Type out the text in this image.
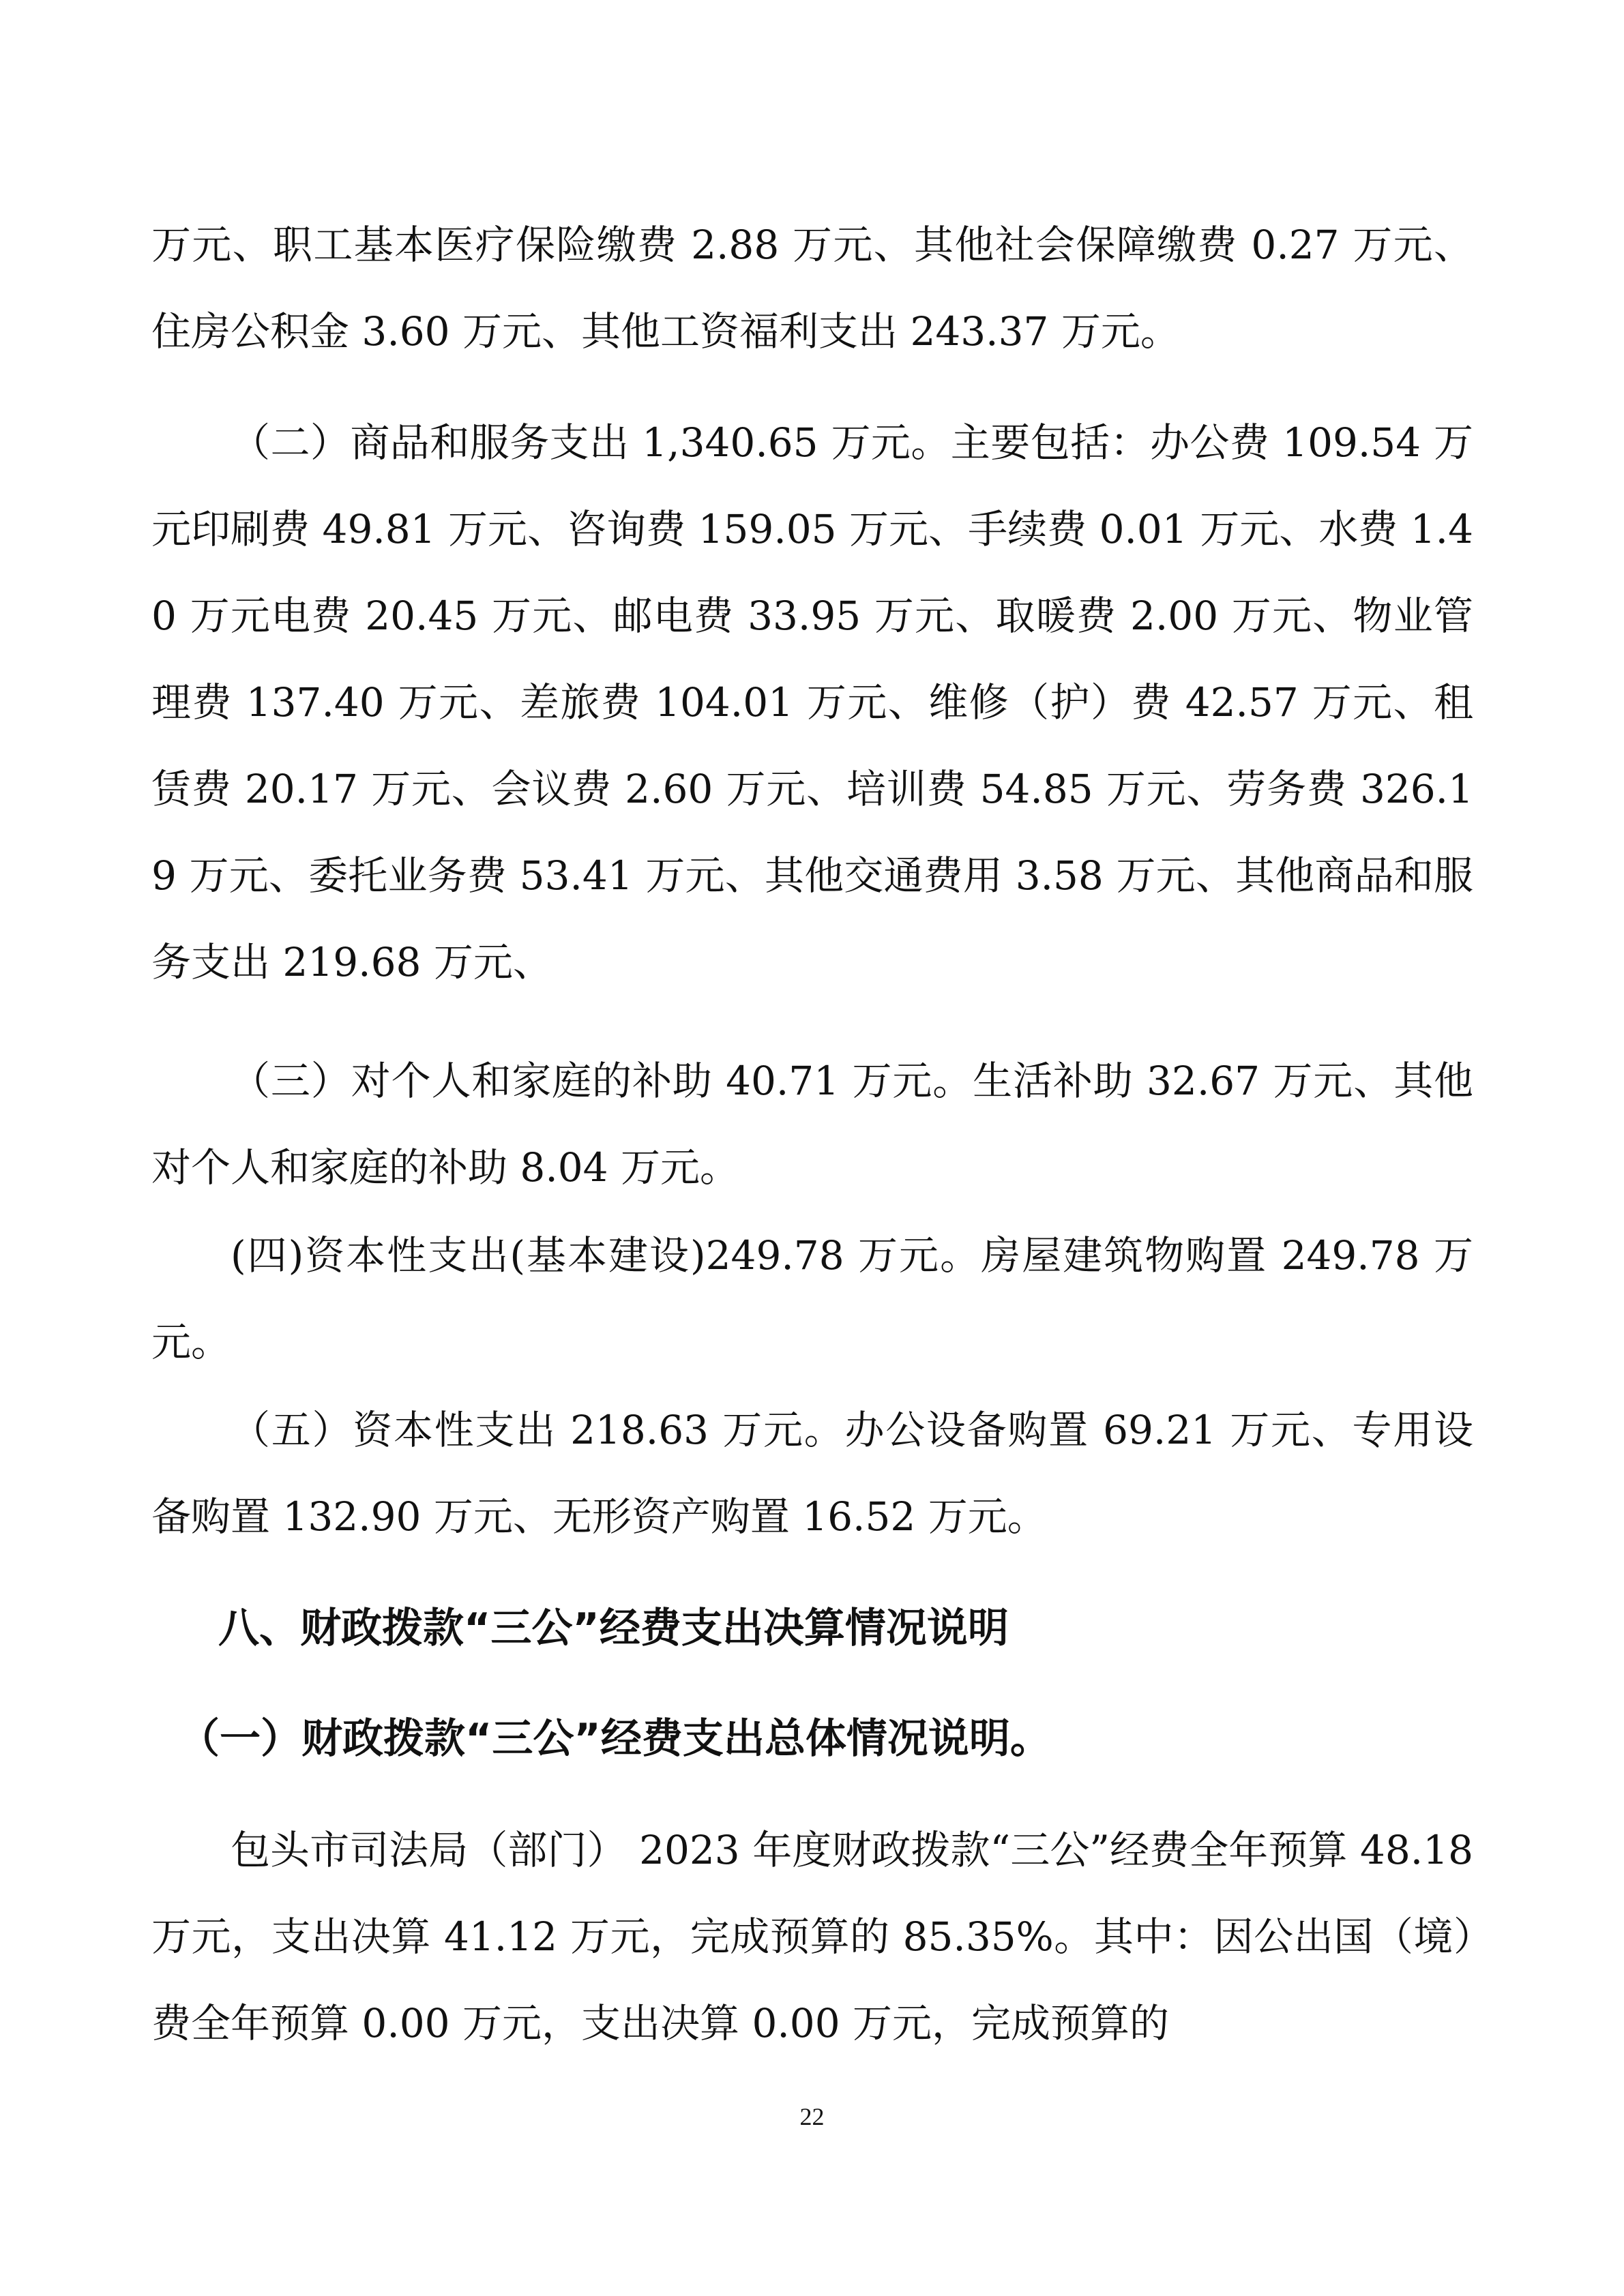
万元、职工基本医疗保险缴费 2.88 万元、其他社会保障缴费 0.27 万元、住房公积金 3.60 万元、其他工资福利支出 243.37 万元。

（二）商品和服务支出 1,340.65 万元。主要包括：办公费 109.54 万元印刷费 49.81 万元、咨询费 159.05 万元、手续费 0.01 万元、水费 1.40 万元电费 20.45 万元、邮电费 33.95 万元、取暖费 2.00 万元、物业管理费 137.40 万元、差旅费 104.01 万元、维修（护）费 42.57 万元、租赁费 20.17 万元、会议费 2.60 万元、培训费 54.85 万元、劳务费 326.19 万元、委托业务费 53.41 万元、其他交通费用 3.58 万元、其他商品和服务支出 219.68 万元、

（三）对个人和家庭的补助 40.71 万元。生活补助 32.67 万元、其他对个人和家庭的补助 8.04 万元。

(四)资本性支出(基本建设)249.78 万元。房屋建筑物购置 249.78 万元。

（五）资本性支出 218.63 万元。办公设备购置 69.21 万元、专用设备购置 132.90 万元、无形资产购置 16.52 万元。

八、财政拨款“三公”经费支出决算情况说明
（一）财政拨款“三公”经费支出总体情况说明。

包头市司法局（部门） 2023 年度财政拨款“三公”经费全年预算 48.18 万元，支出决算 41.12 万元，完成预算的 85.35%。其中：因公出国（境）费全年预算 0.00 万元，支出决算 0.00 万元，完成预算的

22
